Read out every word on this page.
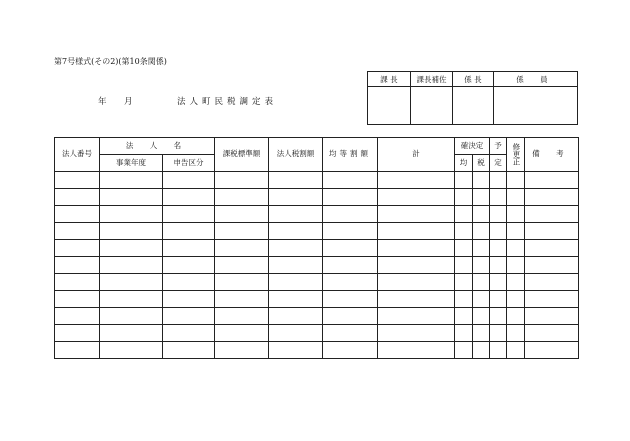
第7号様式(その2)(第10条関係)
年 月	法人町民税調定表
課 長	課長補佐	係 長	係 員

法人番号	法 人 名		課税標準額	法人税割額	均等割額	計	確決定		予	修更正	備 考
	事業年度	申告区分					均	税	定		
